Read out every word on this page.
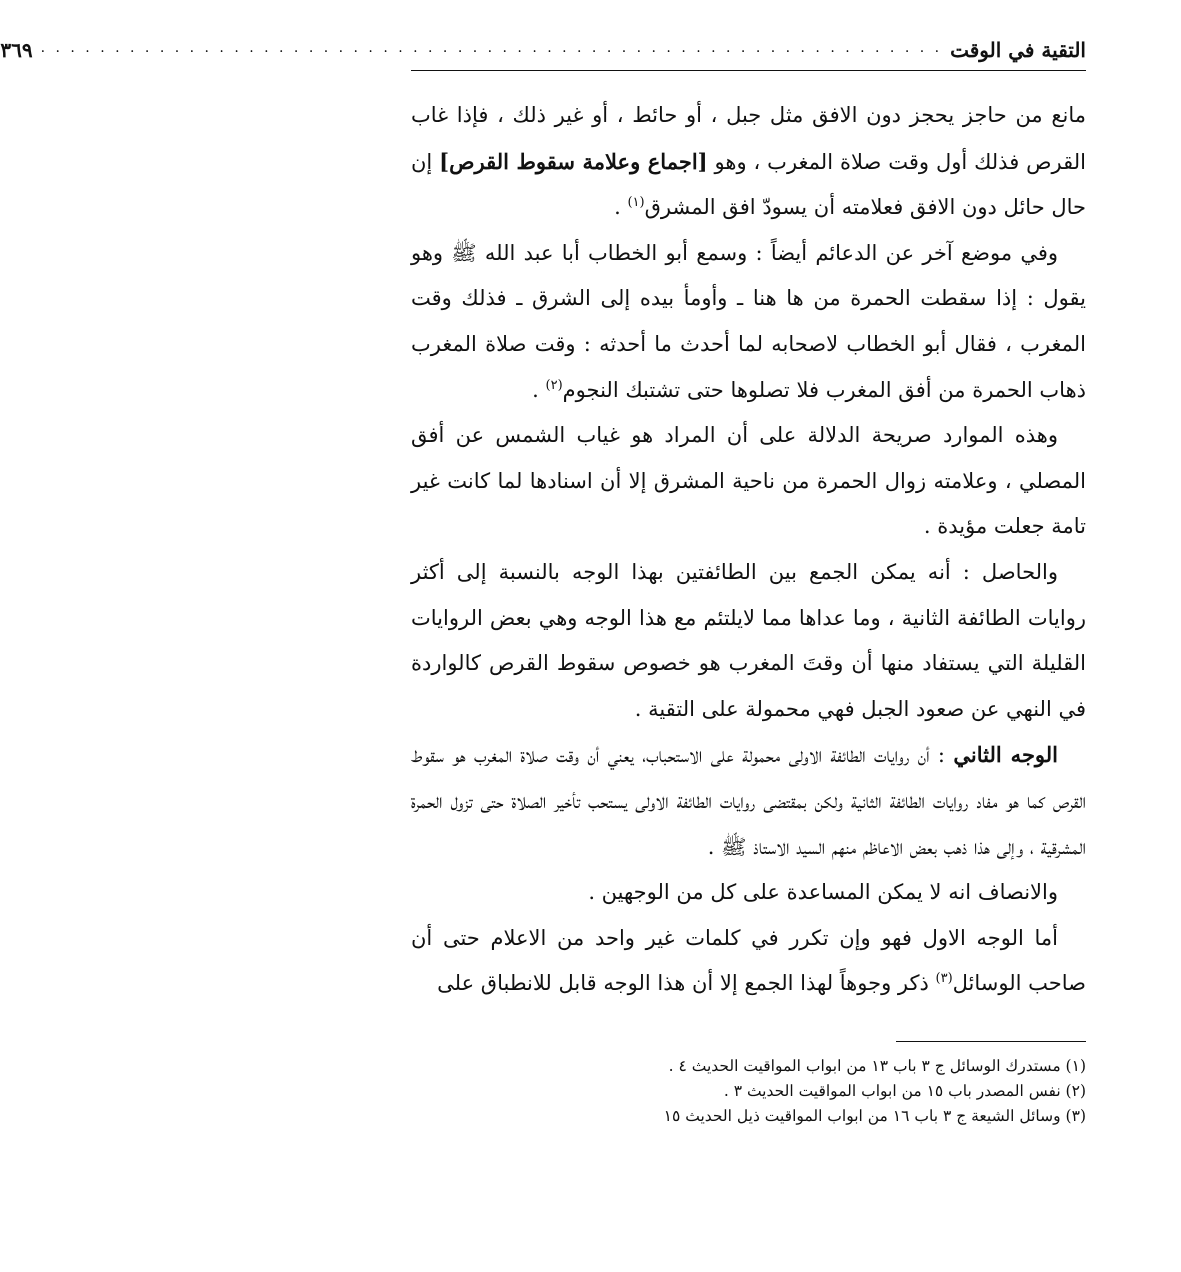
التقية في الوقت
. . . . . . . . . . . . . . . . . . . . . . . . . . . . . . . . . . . . . . . . . . . . . . . . . . . . . . . . . . . . .
٣٦٩

مانع من حاجز يحجز دون الافق مثل جبل ، أو حائط ، أو غير ذلك ، فإذا غاب القرص فذلك أول وقت صلاة المغرب ، وهو [اجماع وعلامة سقوط القرص] إن حال حائل دون الافق فعلامته أن يسودّ افق المشرق$^{(١)}$ .

وفي موضع آخر عن الدعائم أيضاً : وسمع أبو الخطاب أبا عبد الله ﷺ وهو يقول : إذا سقطت الحمرة من ها هنا ـ وأومأ بيده إلى الشرق ـ فذلك وقت المغرب ، فقال أبو الخطاب لاصحابه لما أحدث ما أحدثه : وقت صلاة المغرب ذهاب الحمرة من أفق المغرب فلا تصلوها حتى تشتبك النجوم$^{(٢)}$ .

وهذه الموارد صريحة الدلالة على أن المراد هو غياب الشمس عن أفق المصلي ، وعلامته زوال الحمرة من ناحية المشرق إلا أن اسنادها لما كانت غير تامة جعلت مؤيدة .

والحاصل : أنه يمكن الجمع بين الطائفتين بهذا الوجه بالنسبة إلى أكثر روايات الطائفة الثانية ، وما عداها مما لايلتئم مع هذا الوجه وهي بعض الروايات القليلة التي يستفاد منها أن وقتَ المغرب هو خصوص سقوط القرص كالواردة في النهي عن صعود الجبل فهي محمولة على التقية .

الوجه الثاني : أن روايات الطائفة الاولى محمولة على الاستحباب، يعني أن وقت صلاة المغرب هو سقوط القرص كما هو مفاد روايات الطائفة الثانية ولكن بمقتضى روايات الطائفة الاولى يستحب تأخير الصلاة حتى تزول الحمرة المشرقية ، وإلى هذا ذهب بعض الاعاظم منهم السيد الاستاذ ﷺ .

والانصاف انه لا يمكن المساعدة على كل من الوجهين .

أما الوجه الاول فهو وإن تكرر في كلمات غير واحد من الاعلام حتى أن صاحب الوسائل$^{(٣)}$ ذكر وجوهاً لهذا الجمع إلا أن هذا الوجه قابل للانطباق على

(١) مستدرك الوسائل ج ٣ باب ١٣ من ابواب المواقيت الحديث ٤ .

(٢) نفس المصدر باب ١٥ من ابواب المواقيت الحديث ٣ .

(٣) وسائل الشيعة ج ٣ باب ١٦ من ابواب المواقيت ذيل الحديث ١٥
